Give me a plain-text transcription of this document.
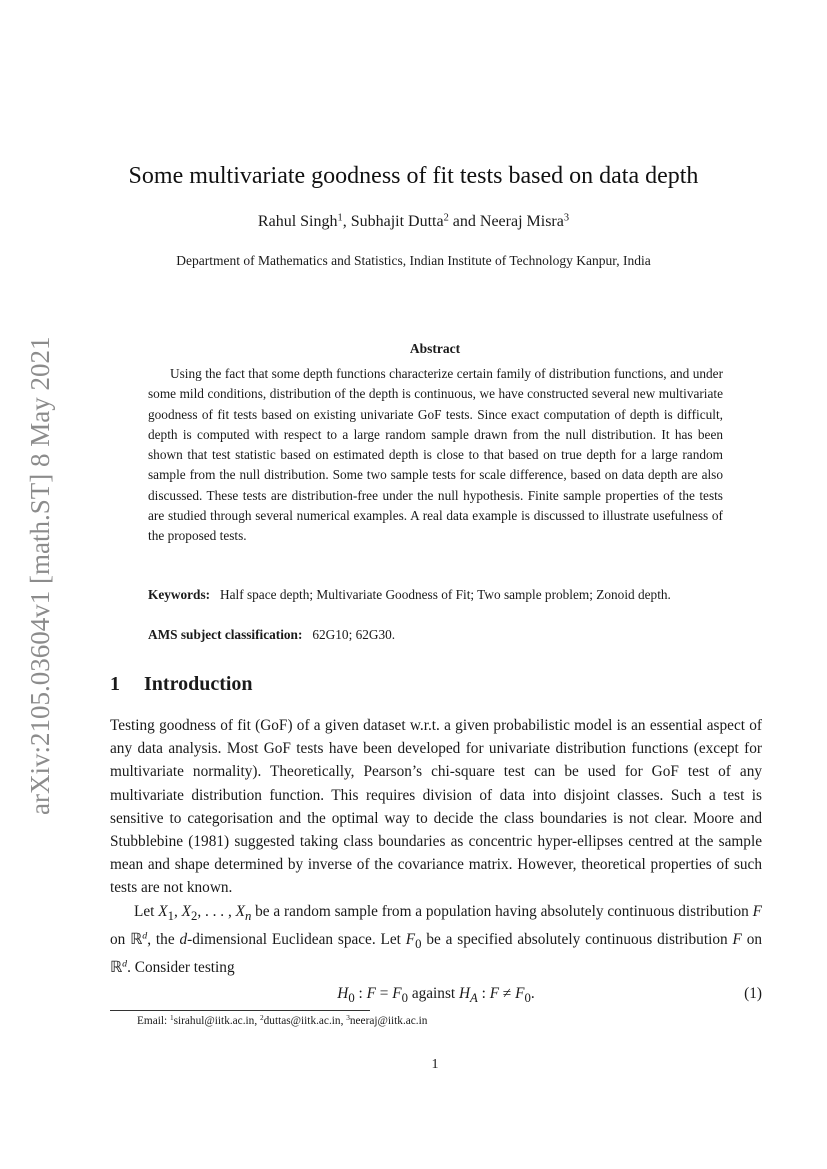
arXiv:2105.03604v1 [math.ST] 8 May 2021
Some multivariate goodness of fit tests based on data depth
Rahul Singh$^1$, Subhajit Dutta$^2$ and Neeraj Misra$^3$
Department of Mathematics and Statistics, Indian Institute of Technology Kanpur, India
Abstract
Using the fact that some depth functions characterize certain family of distribution functions, and under some mild conditions, distribution of the depth is continuous, we have constructed several new multivariate goodness of fit tests based on existing univariate GoF tests. Since exact computation of depth is difficult, depth is computed with respect to a large random sample drawn from the null distribution. It has been shown that test statistic based on estimated depth is close to that based on true depth for a large random sample from the null distribution. Some two sample tests for scale difference, based on data depth are also discussed. These tests are distribution-free under the null hypothesis. Finite sample properties of the tests are studied through several numerical examples. A real data example is discussed to illustrate usefulness of the proposed tests.
Keywords: Half space depth; Multivariate Goodness of Fit; Two sample problem; Zonoid depth.
AMS subject classification: 62G10; 62G30.
1 Introduction

Testing goodness of fit (GoF) of a given dataset w.r.t. a given probabilistic model is an essential aspect of any data analysis. Most GoF tests have been developed for univariate distribution functions (except for multivariate normality). Theoretically, Pearson’s chi-square test can be used for GoF test of any multivariate distribution function. This requires division of data into disjoint classes. Such a test is sensitive to categorisation and the optimal way to decide the class boundaries is not clear. Moore and Stubblebine (1981) suggested taking class boundaries as concentric hyper-ellipses centred at the sample mean and shape determined by inverse of the covariance matrix. However, theoretical properties of such tests are not known.

Let $X_1$, $X_2$, . . . , $X_n$ be a random sample from a population having absolutely continuous distribution F on ℝ$^d$, the d-dimensional Euclidean space. Let $F_0$ be a specified absolutely continuous distribution F on ℝ$^d$. Consider testing

$H_0$ : $F = F_0$ against $H_A$ : $F \ne F_0$.	(1)
Email: $^1$sirahul@iitk.ac.in, $^2$duttas@iitk.ac.in, $^3$neeraj@iitk.ac.in
1
